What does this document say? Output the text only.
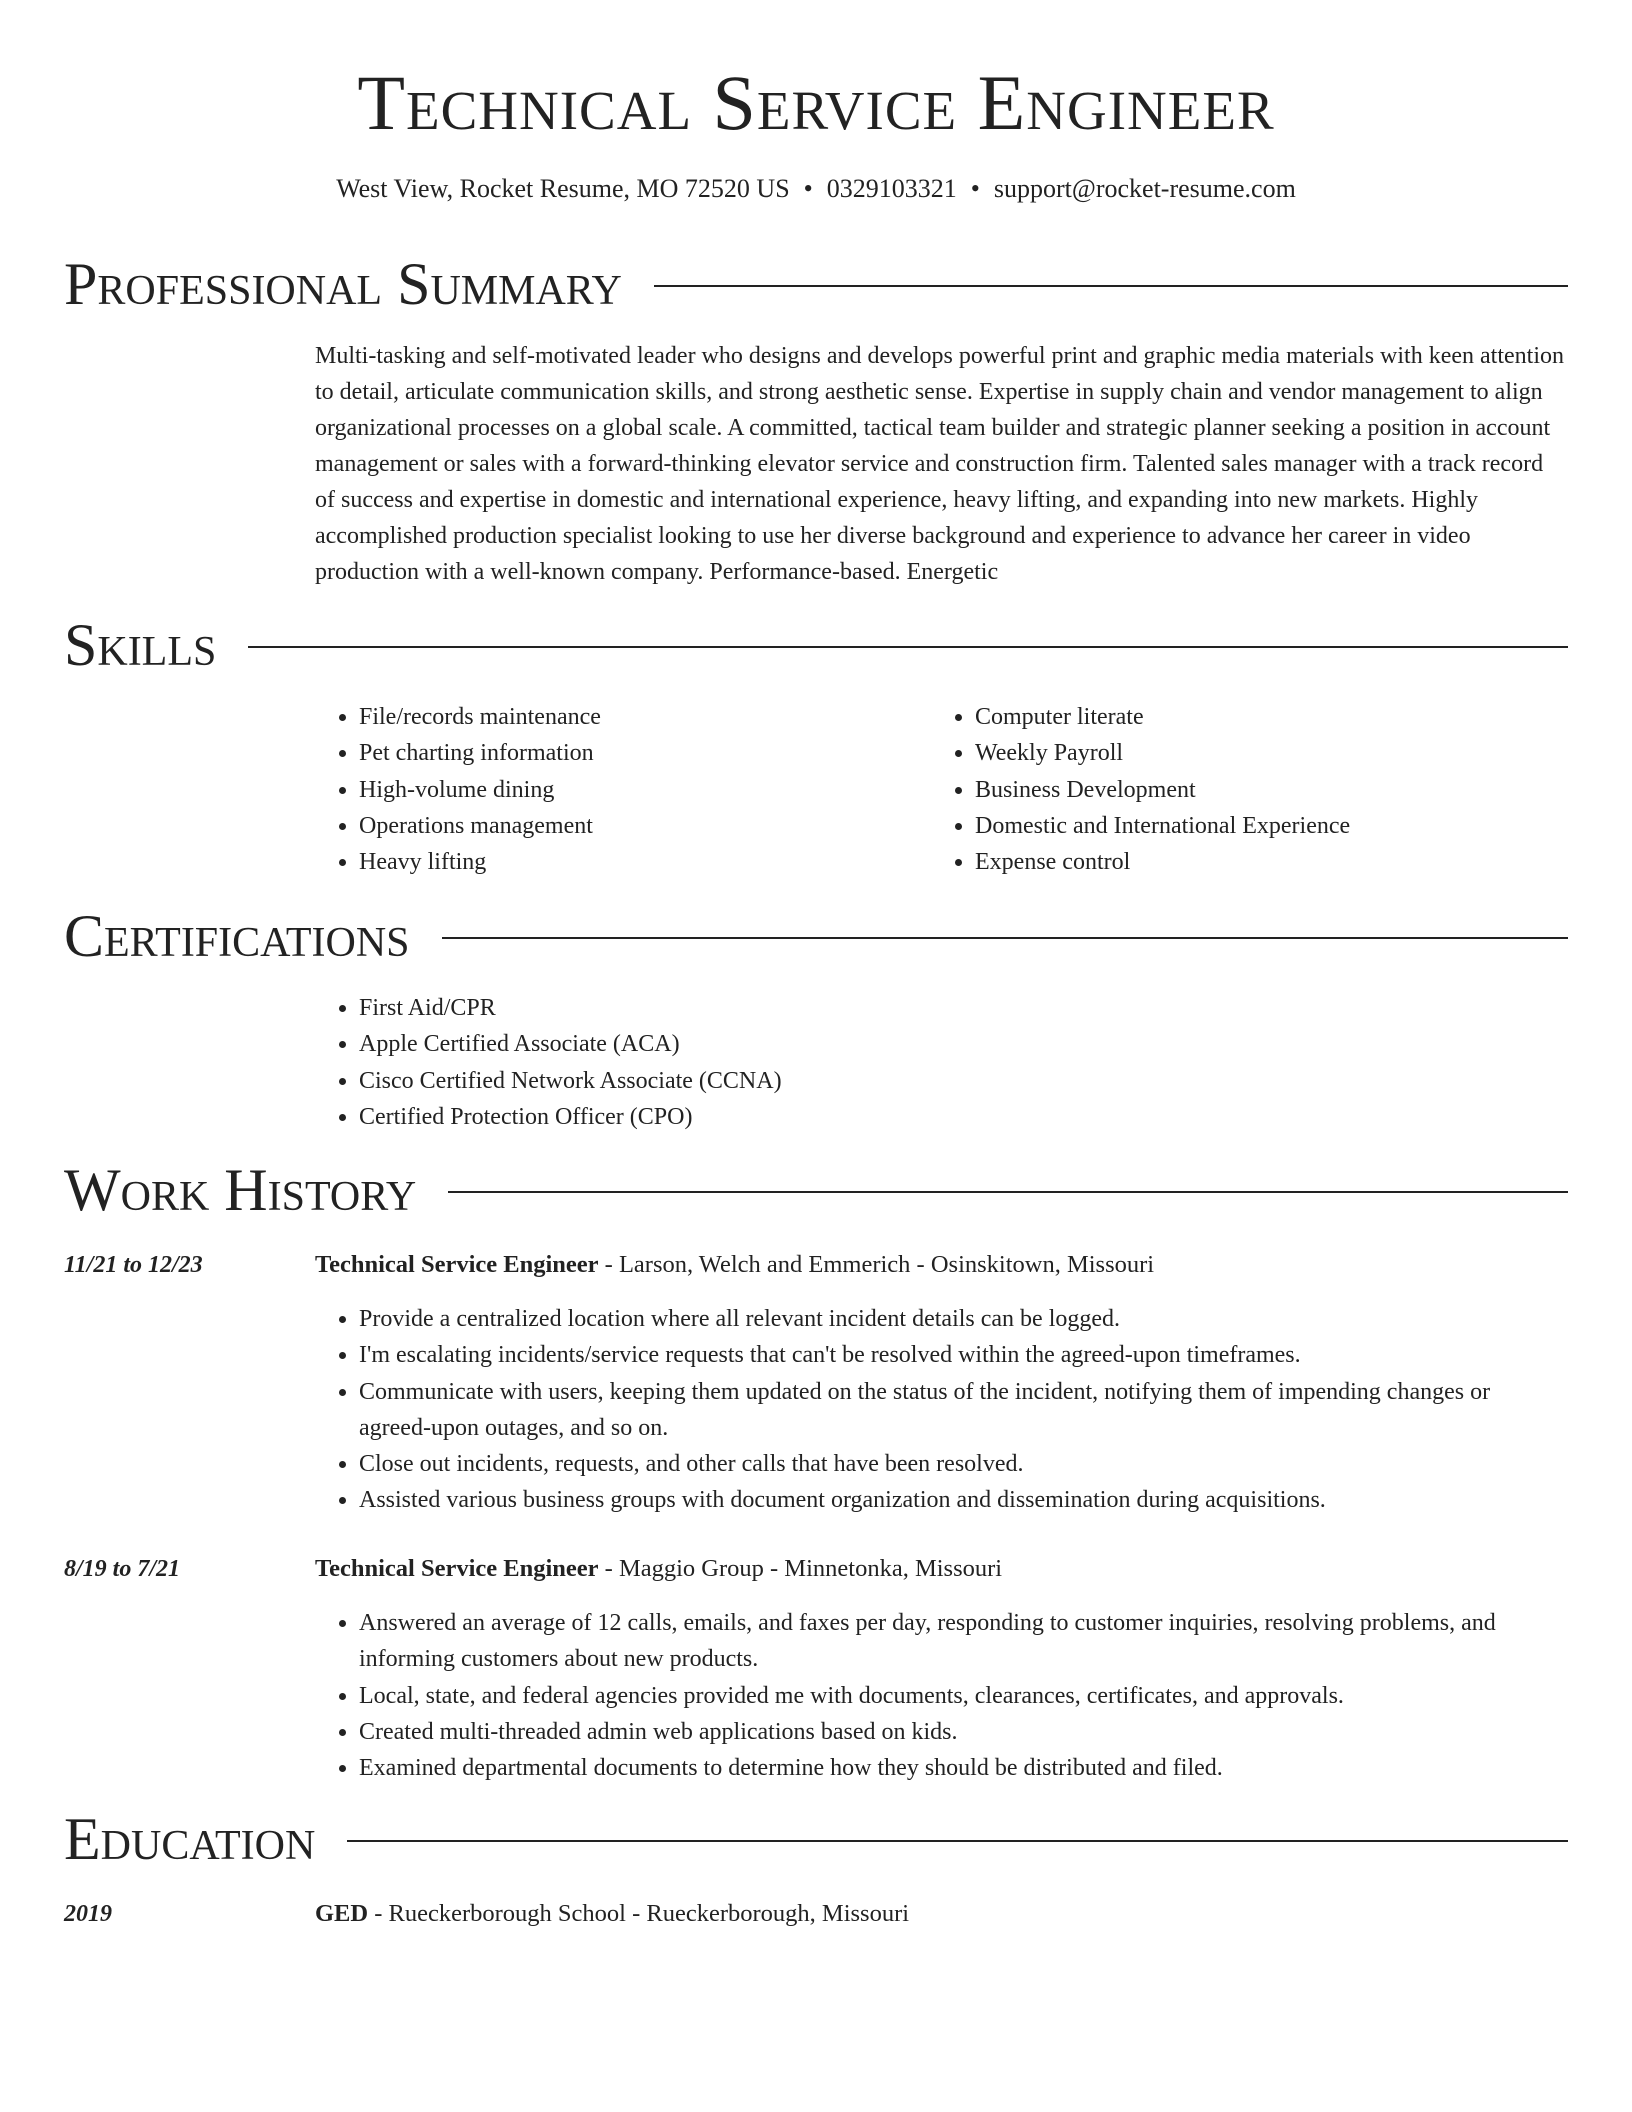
Technical Service Engineer
West View, Rocket Resume, MO 72520 US • 0329103321 • support@rocket-resume.com
Professional Summary

Multi-tasking and self-motivated leader who designs and develops powerful print and graphic media materials with keen attention to detail, articulate communication skills, and strong aesthetic sense. Expertise in supply chain and vendor management to align organizational processes on a global scale. A committed, tactical team builder and strategic planner seeking a position in account management or sales with a forward-thinking elevator service and construction firm. Talented sales manager with a track record of success and expertise in domestic and international experience, heavy lifting, and expanding into new markets. Highly accomplished production specialist looking to use her diverse background and experience to advance her career in video production with a well-known company. Performance-based. Energetic

Skills
• File/records maintenance
• Pet charting information
• High-volume dining
• Operations management
• Heavy lifting
• Computer literate
• Weekly Payroll
• Business Development
• Domestic and International Experience
• Expense control
Certifications
• First Aid/CPR
• Apple Certified Associate (ACA)
• Cisco Certified Network Associate (CCNA)
• Certified Protection Officer (CPO)
Work History
11/21 to 12/23	Technical Service Engineer - Larson, Welch and Emmerich - Osinskitown, Missouri
• Provide a centralized location where all relevant incident details can be logged.
• I'm escalating incidents/service requests that can't be resolved within the agreed-upon timeframes.
• Communicate with users, keeping them updated on the status of the incident, notifying them of impending changes or agreed-upon outages, and so on.
• Close out incidents, requests, and other calls that have been resolved.
• Assisted various business groups with document organization and dissemination during acquisitions.
8/19 to 7/21	Technical Service Engineer - Maggio Group - Minnetonka, Missouri
• Answered an average of 12 calls, emails, and faxes per day, responding to customer inquiries, resolving problems, and informing customers about new products.
• Local, state, and federal agencies provided me with documents, clearances, certificates, and approvals.
• Created multi-threaded admin web applications based on kids.
• Examined departmental documents to determine how they should be distributed and filed.
Education
2019	GED - Rueckerborough School - Rueckerborough, Missouri
